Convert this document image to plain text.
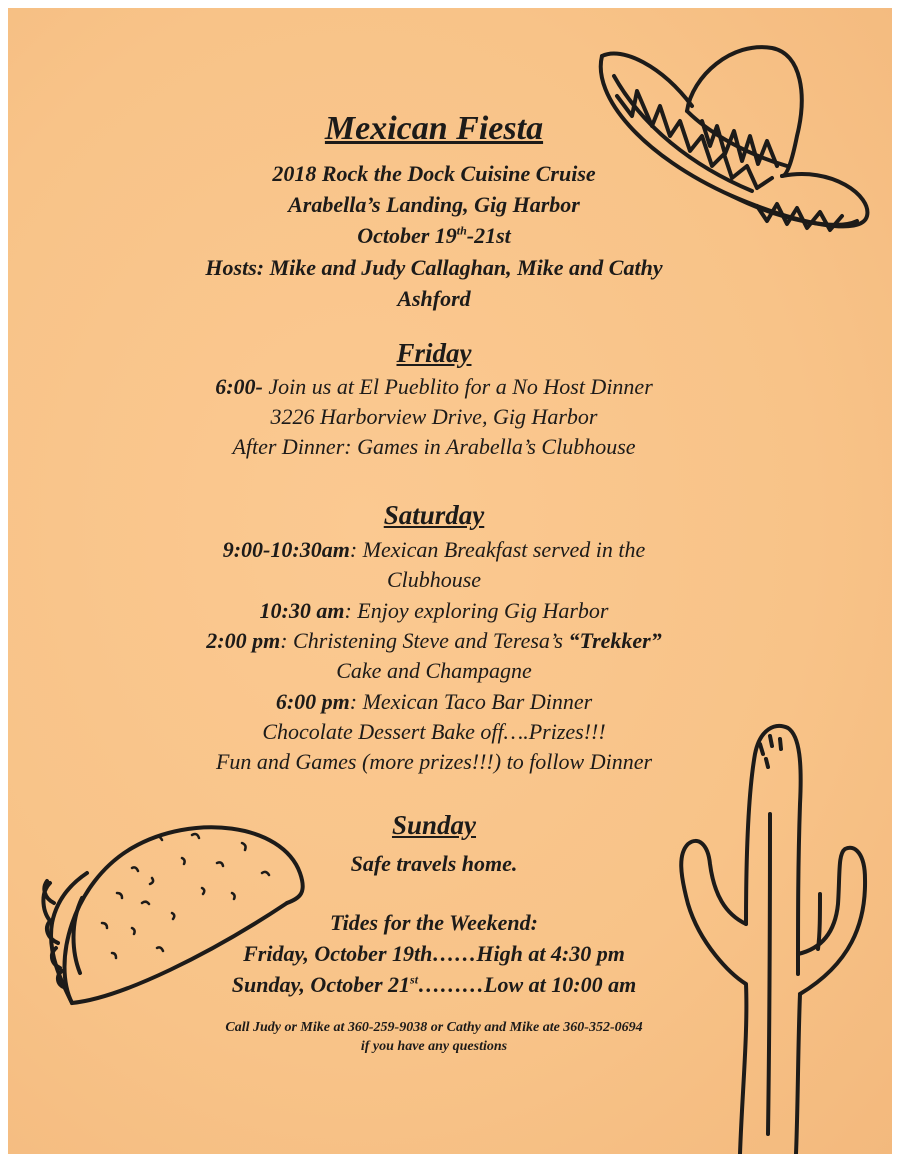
Mexican Fiesta
2018 Rock the Dock Cuisine Cruise
Arabella’s Landing, Gig Harbor
October 19th-21st
Hosts: Mike and Judy Callaghan, Mike and Cathy
Ashford
Friday
6:00- Join us at El Pueblito for a No Host Dinner
3226 Harborview Drive, Gig Harbor
After Dinner: Games in Arabella’s Clubhouse
Saturday
9:00-10:30am: Mexican Breakfast served in the
Clubhouse
10:30 am: Enjoy exploring Gig Harbor
2:00 pm: Christening Steve and Teresa’s “Trekker”
Cake and Champagne
6:00 pm: Mexican Taco Bar Dinner
Chocolate Dessert Bake off….Prizes!!!
Fun and Games (more prizes!!!) to follow Dinner
Sunday
Safe travels home.
Tides for the Weekend:
Friday, October 19th……High at 4:30 pm
Sunday, October 21st………Low at 10:00 am
Call Judy or Mike at 360-259-9038 or Cathy and Mike ate 360-352-0694
if you have any questions
